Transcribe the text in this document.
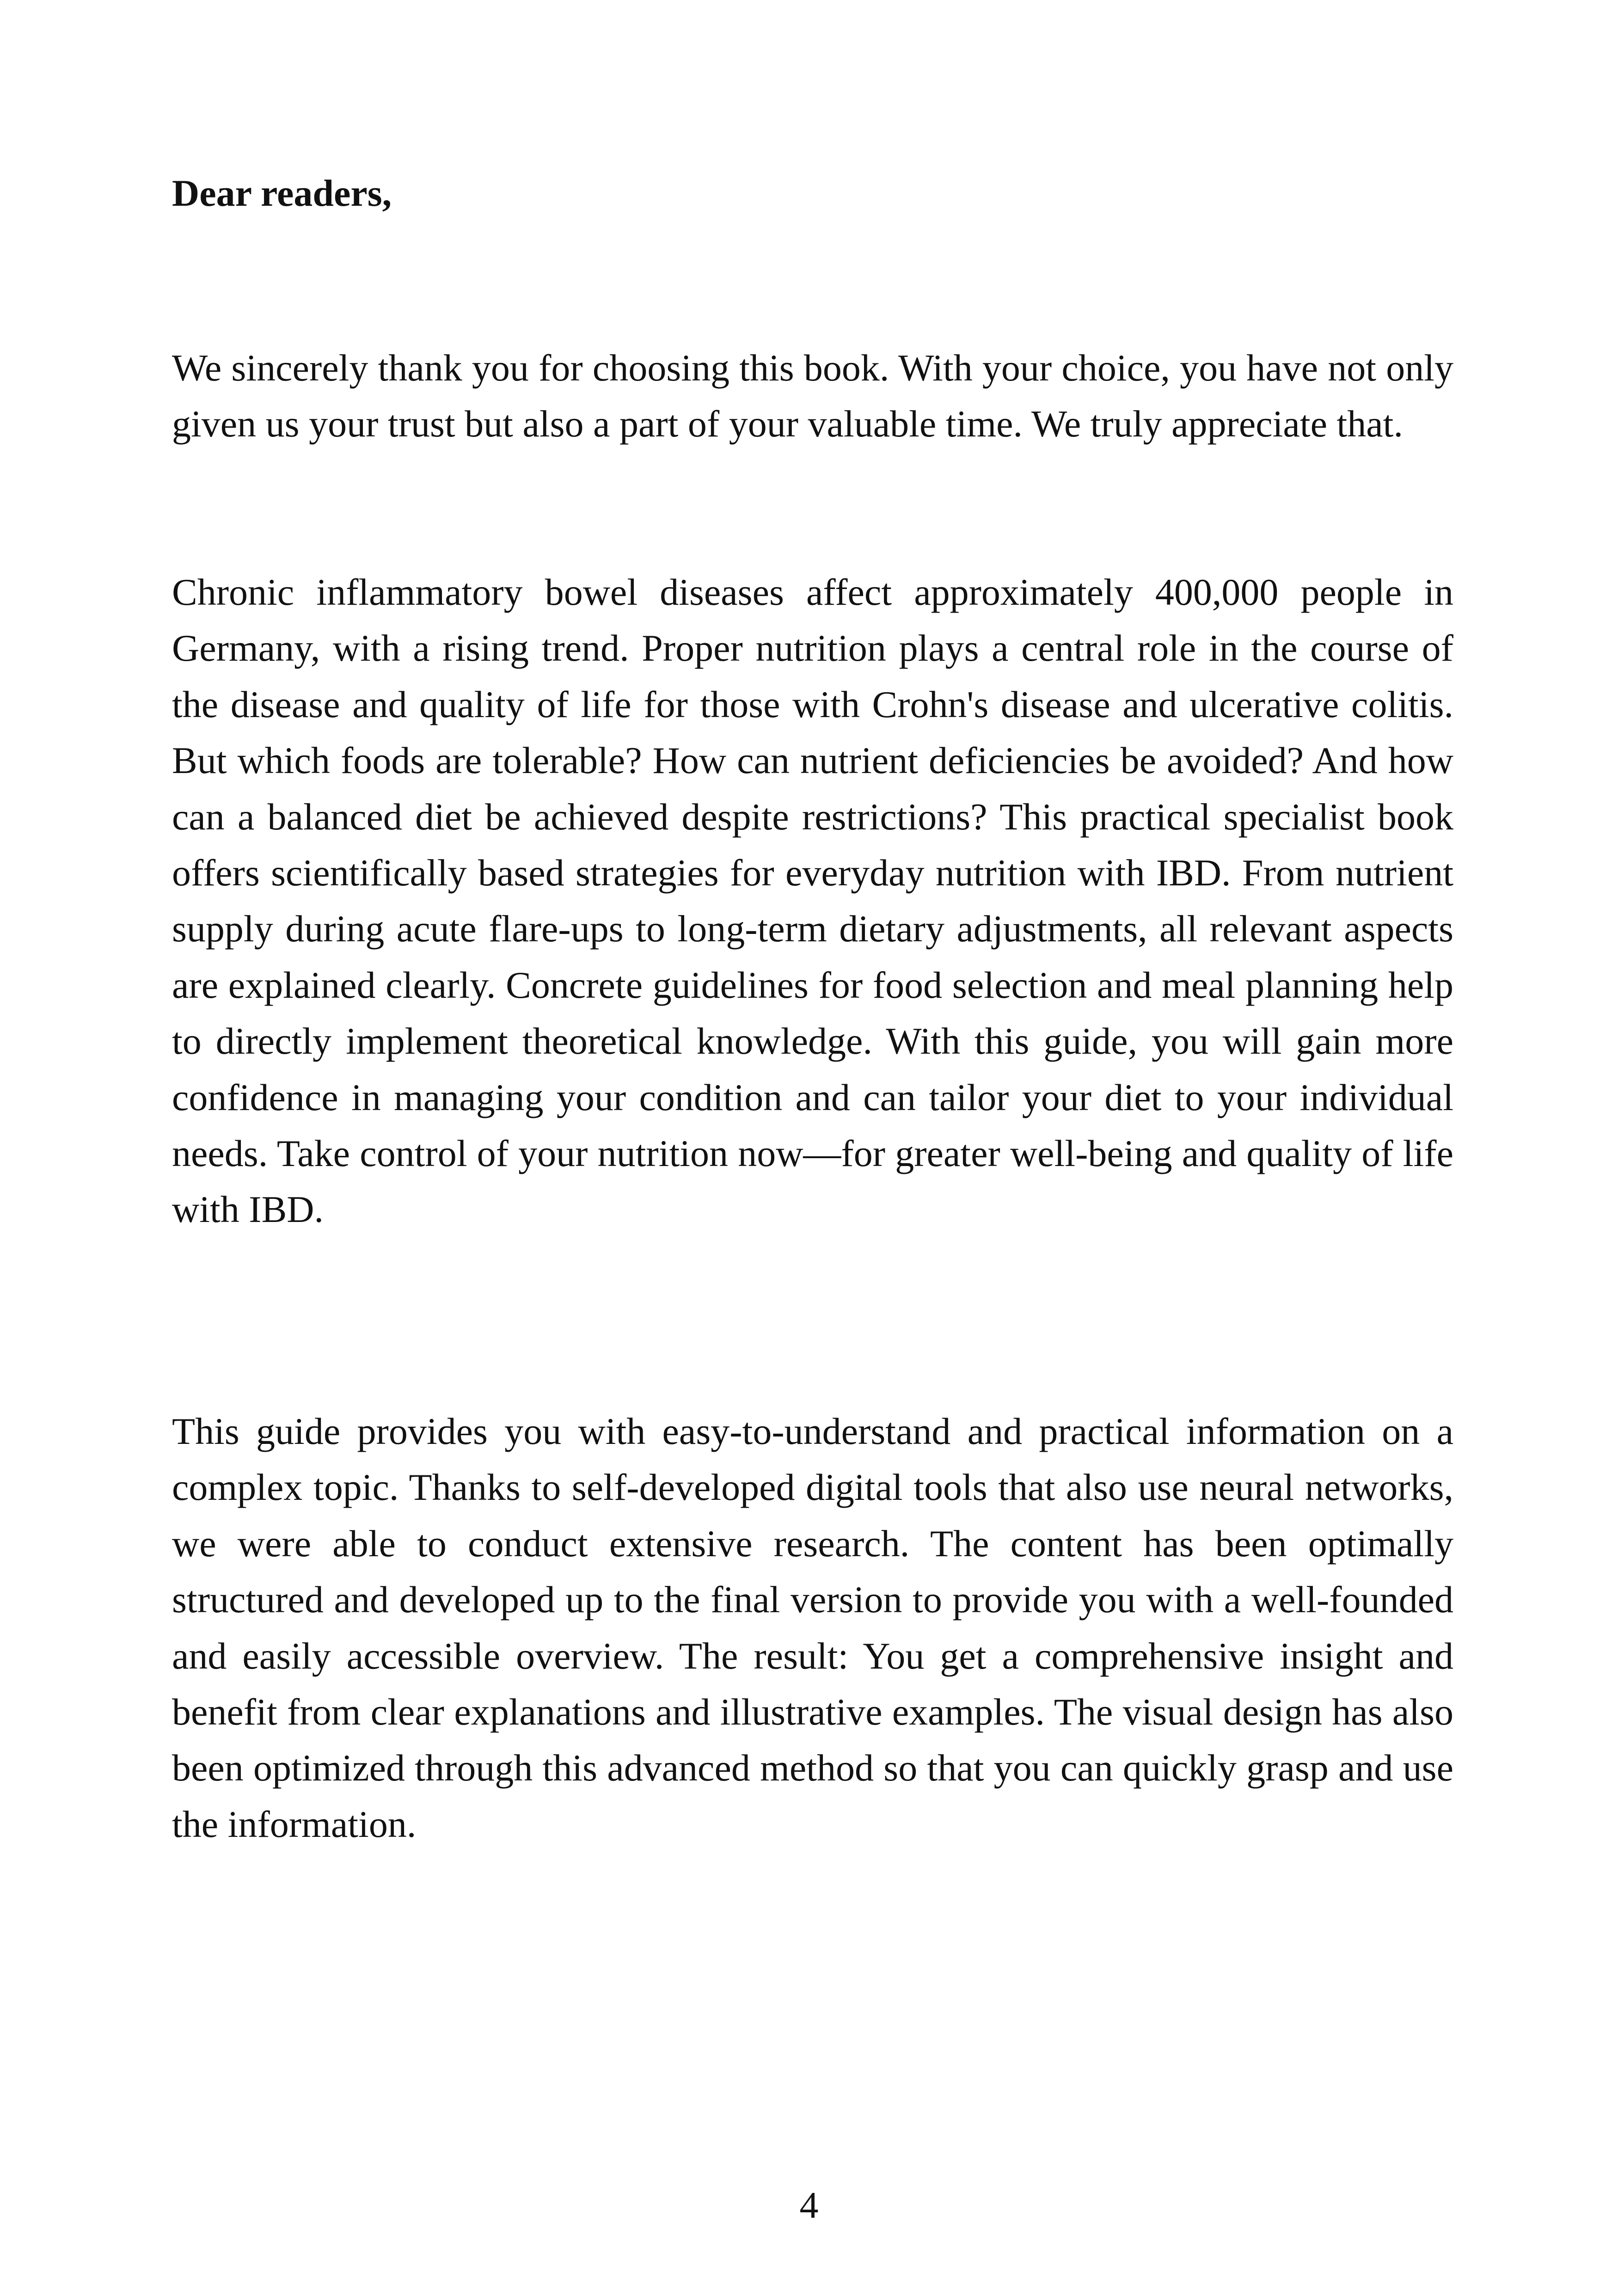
Dear readers,

We sincerely thank you for choosing this book. With your choice, you have not only given us your trust but also a part of your valuable time. We truly appreciate that.

Chronic inflammatory bowel diseases affect approximately 400,000 people in Germany, with a rising trend. Proper nutrition plays a central role in the course of the disease and quality of life for those with Crohn's disease and ulcerative colitis. But which foods are tolerable? How can nutrient deficiencies be avoided? And how can a balanced diet be achieved despite restrictions? This practical specialist book offers scientifically based strategies for everyday nutrition with IBD. From nutrient supply during acute flare-ups to long-term dietary adjustments, all relevant aspects are explained clearly. Concrete guidelines for food selection and meal planning help to directly implement theoretical knowledge. With this guide, you will gain more confidence in managing your condition and can tailor your diet to your individual needs. Take control of your nutrition now—for greater well-being and quality of life with IBD.

This guide provides you with easy-to-understand and practical information on a complex topic. Thanks to self-developed digital tools that also use neural networks, we were able to conduct extensive research. The content has been optimally structured and developed up to the final version to provide you with a well-founded and easily accessible overview. The result: You get a comprehensive insight and benefit from clear explanations and illustrative examples. The visual design has also been optimized through this advanced method so that you can quickly grasp and use the information.

4
